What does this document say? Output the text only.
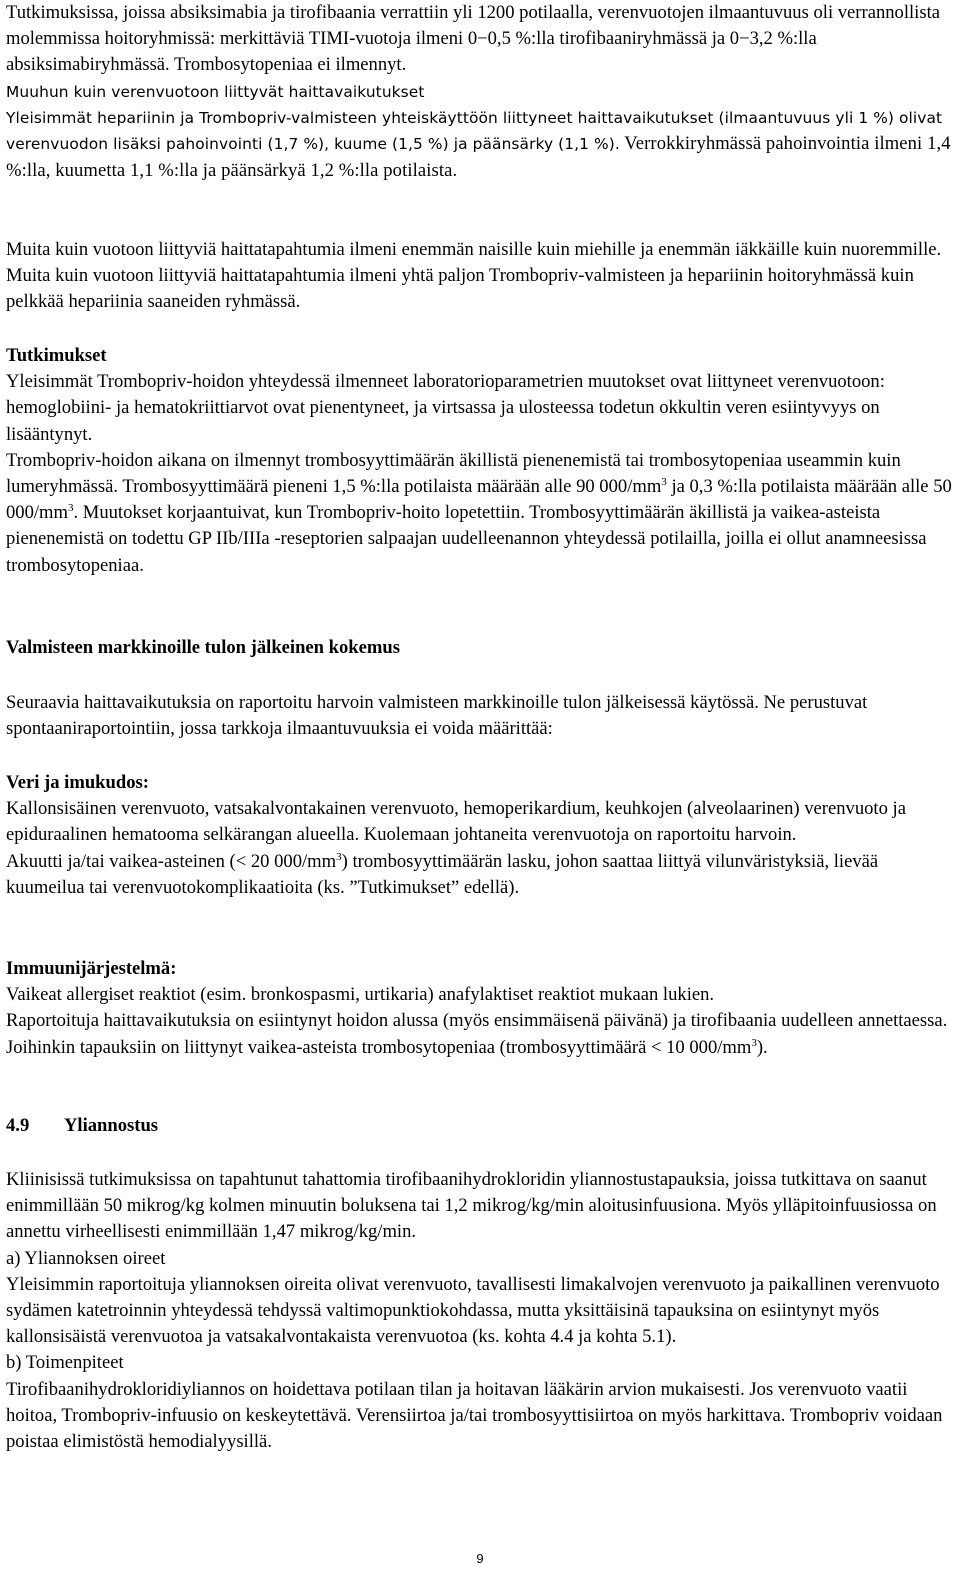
Tutkimuksissa, joissa absiksimabia ja tirofibaania verrattiin yli 1200 potilaalla, verenvuotojen ilmaantuvuus oli verrannollista molemmissa hoitoryhmissä: merkittäviä TIMI-vuotoja ilmeni 0−0,5 %:lla tirofibaaniryhmässä ja 0−3,2 %:lla absiksimabiryhmässä. Trombosytopeniaa ei ilmennyt.

Muuhun kuin verenvuotoon liittyvät haittavaikutukset
Yleisimmät hepariinin ja Trombopriv-valmisteen yhteiskäyttöön liittyneet haittavaikutukset (ilmaantuvuus yli 1 %) olivat verenvuodon lisäksi pahoinvointi (1,7 %), kuume (1,5 %) ja päänsärky (1,1 %). Verrokkiryhmässä pahoinvointia ilmeni 1,4 %:lla, kuumetta 1,1 %:lla ja päänsärkyä 1,2 %:lla potilaista.

Muita kuin vuotoon liittyviä haittatapahtumia ilmeni enemmän naisille kuin miehille ja enemmän iäkkäille kuin nuoremmille. Muita kuin vuotoon liittyviä haittatapahtumia ilmeni yhtä paljon Trombopriv-valmisteen ja hepariinin hoitoryhmässä kuin pelkkää hepariinia saaneiden ryhmässä.

Tutkimukset
Yleisimmät Trombopriv-hoidon yhteydessä ilmenneet laboratorioparametrien muutokset ovat liittyneet verenvuotoon: hemoglobiini- ja hematokriittiarvot ovat pienentyneet, ja virtsassa ja ulosteessa todetun okkultin veren esiintyvyys on lisääntynyt.
Trombopriv-hoidon aikana on ilmennyt trombosyyttimäärän äkillistä pienenemistä tai trombosytopeniaa useammin kuin lumeryhmässä. Trombosyyttimäärä pieneni 1,5 %:lla potilaista määrään alle 90 $000/mm^3$ ja 0,3 %:lla potilaista määrään alle 50 $000/mm^3$. Muutokset korjaantuivat, kun Trombopriv-hoito lopetettiin. Trombosyyttimäärän äkillistä ja vaikea-asteista pienenemistä on todettu GP IIb/IIIa -reseptorien salpaajan uudelleenannon yhteydessä potilailla, joilla ei ollut anamneesissa trombosytopeniaa.

Valmisteen markkinoille tulon jälkeinen kokemus

Seuraavia haittavaikutuksia on raportoitu harvoin valmisteen markkinoille tulon jälkeisessä käytössä. Ne perustuvat spontaaniraportointiin, jossa tarkkoja ilmaantuvuuksia ei voida määrittää:

Veri ja imukudos:
Kallonsisäinen verenvuoto, vatsakalvontakainen verenvuoto, hemoperikardium, keuhkojen (alveolaarinen) verenvuoto ja epiduraalinen hematooma selkärangan alueella. Kuolemaan johtaneita verenvuotoja on raportoitu harvoin.
Akuutti ja/tai vaikea-asteinen (< 20 $000/mm^3$) trombosyyttimäärän lasku, johon saattaa liittyä vilunväristyksiä, lievää kuumeilua tai verenvuotokomplikaatioita (ks. ”Tutkimukset” edellä).

Immuunijärjestelmä:
Vaikeat allergiset reaktiot (esim. bronkospasmi, urtikaria) anafylaktiset reaktiot mukaan lukien.
Raportoituja haittavaikutuksia on esiintynyt hoidon alussa (myös ensimmäisenä päivänä) ja tirofibaania uudelleen annettaessa. Joihinkin tapauksiin on liittynyt vaikea-asteista trombosytopeniaa (trombosyyttimäärä < 10 $000/mm^3$).

4.9 Yliannostus

Kliinisissä tutkimuksissa on tapahtunut tahattomia tirofibaanihydrokloridin yliannostustapauksia, joissa tutkittava on saanut enimmillään 50 mikrog/kg kolmen minuutin boluksena tai 1,2 mikrog/kg/min aloitusinfuusiona. Myös ylläpitoinfuusiossa on annettu virheellisesti enimmillään 1,47 mikrog/kg/min.
a) Yliannoksen oireet
Yleisimmin raportoituja yliannoksen oireita olivat verenvuoto, tavallisesti limakalvojen verenvuoto ja paikallinen verenvuoto sydämen katetroinnin yhteydessä tehdyssä valtimopunktiokohdassa, mutta yksittäisinä tapauksina on esiintynyt myös kallonsisäistä verenvuotoa ja vatsakalvontakaista verenvuotoa (ks. kohta 4.4 ja kohta 5.1).
b) Toimenpiteet
Tirofibaanihydrokloridiyliannos on hoidettava potilaan tilan ja hoitavan lääkärin arvion mukaisesti. Jos verenvuoto vaatii hoitoa, Trombopriv-infuusio on keskeytettävä. Verensiirtoa ja/tai trombosyyttisiirtoa on myös harkittava. Trombopriv voidaan poistaa elimistöstä hemodialyysillä.

9
